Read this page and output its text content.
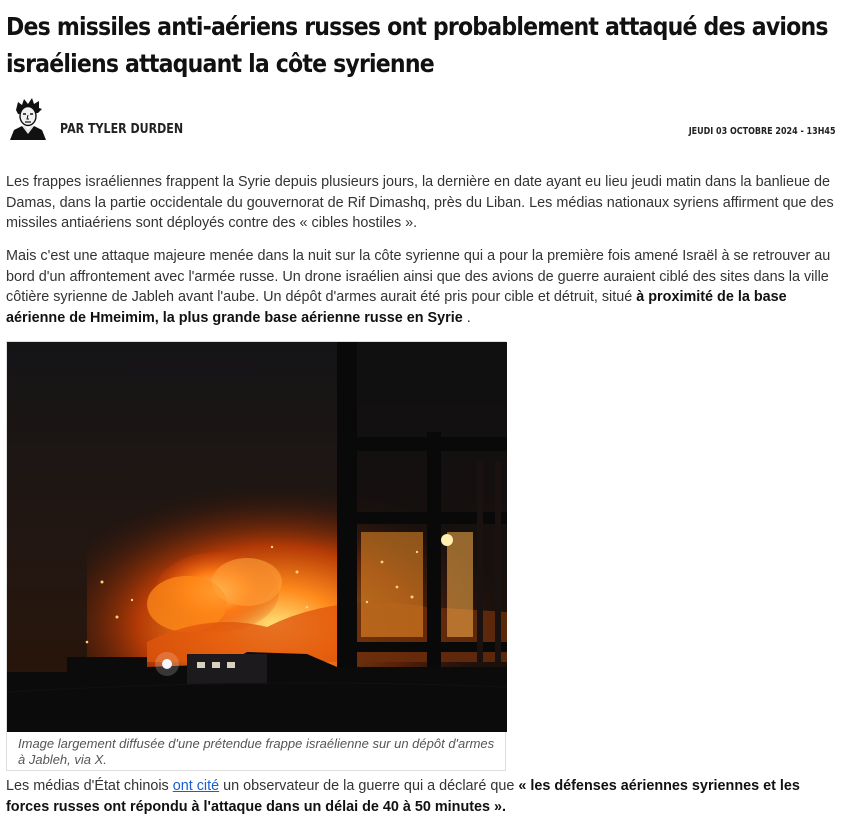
Des missiles anti-aériens russes ont probablement attaqué des avions israéliens attaquant la côte syrienne
PAR TYLER DURDEN	JEUDI 03 OCTOBRE 2024 - 13H45

Les frappes israéliennes frappent la Syrie depuis plusieurs jours, la dernière en date ayant eu lieu jeudi matin dans la banlieue de Damas, dans la partie occidentale du gouvernorat de Rif Dimashq, près du Liban. Les médias nationaux syriens affirment que des missiles antiaériens sont déployés contre des « cibles hostiles ».

Mais c'est une attaque majeure menée dans la nuit sur la côte syrienne qui a pour la première fois amené Israël à se retrouver au bord d'un affrontement avec l'armée russe. Un drone israélien ainsi que des avions de guerre auraient ciblé des sites dans la ville côtière syrienne de Jableh avant l'aube. Un dépôt d'armes aurait été pris pour cible et détruit, situé à proximité de la base aérienne de Hmeimim, la plus grande base aérienne russe en Syrie .

Image largement diffusée d'une prétendue frappe israélienne sur un dépôt d'armes à Jableh, via X.

Les médias d'État chinois ont cité un observateur de la guerre qui a déclaré que « les défenses aériennes syriennes et les forces russes ont répondu à l'attaque dans un délai de 40 à 50 minutes ».
